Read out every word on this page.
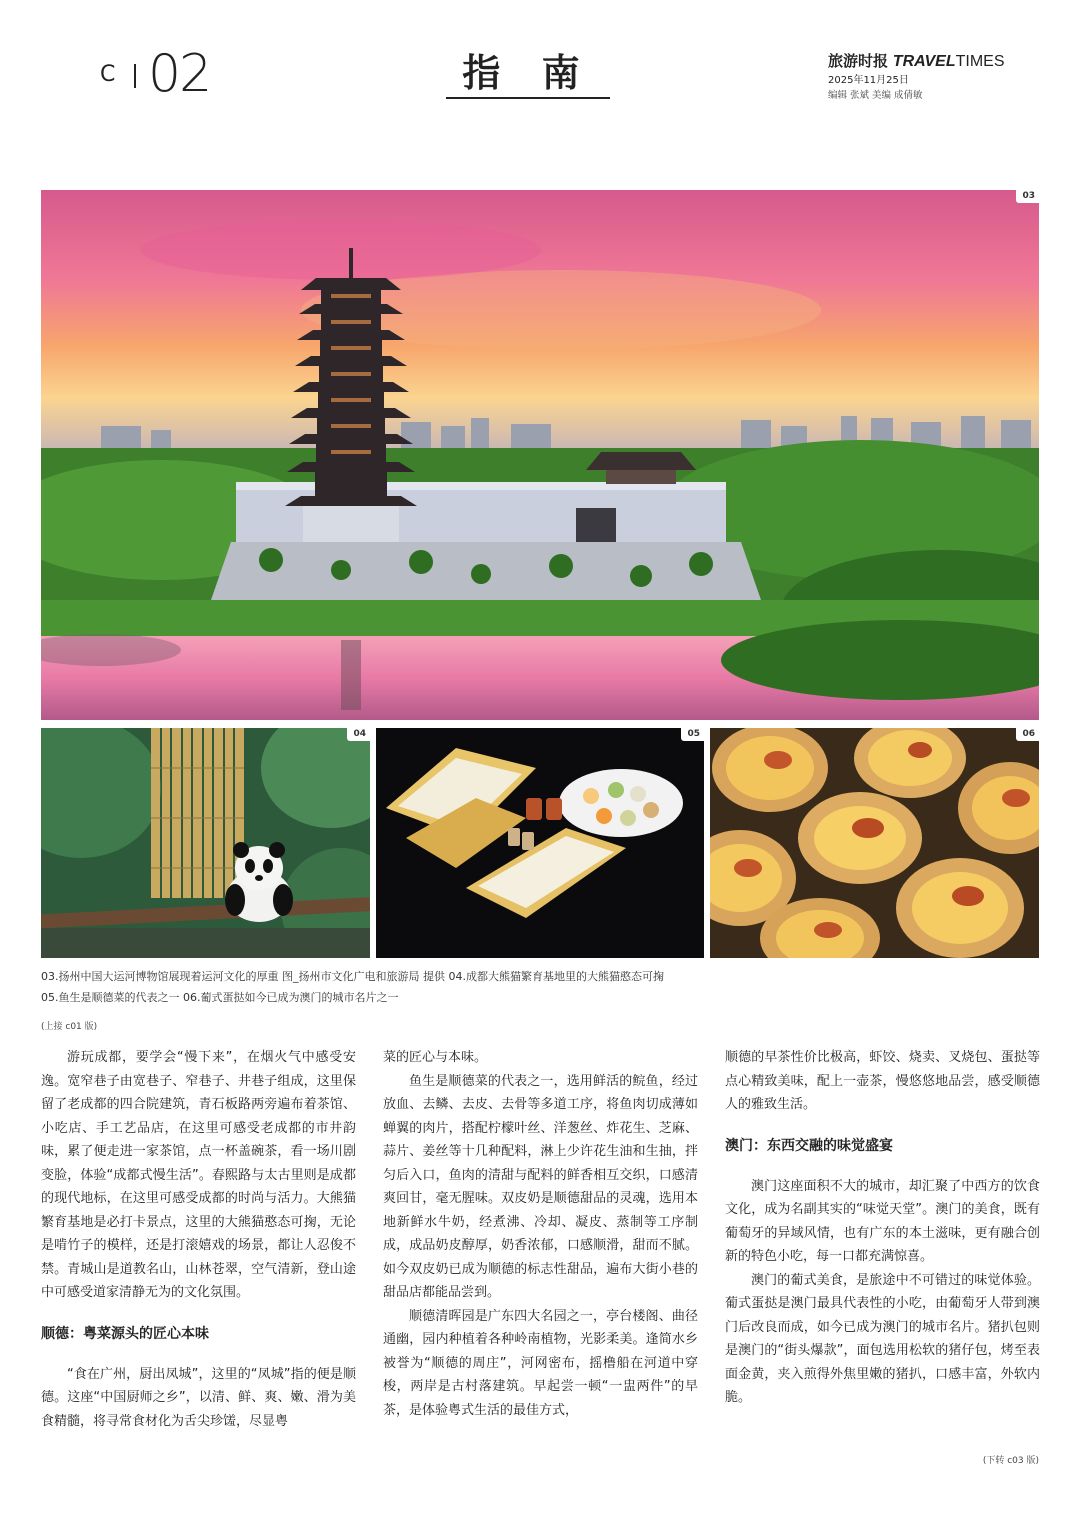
C 02	指 南	旅游时报 TRAVELTIMES
2025年11月25日
编辑 张斌 美编 成倩敏
03
04	05	06
03.扬州中国大运河博物馆展现着运河文化的厚重 图_扬州市文化广电和旅游局 提供 04.成都大熊猫繁育基地里的大熊猫憨态可掬
05.鱼生是顺德菜的代表之一 06.葡式蛋挞如今已成为澳门的城市名片之一
(上接 c01 版)

游玩成都，要学会“慢下来”，在烟火气中感受安逸。宽窄巷子由宽巷子、窄巷子、井巷子组成，这里保留了老成都的四合院建筑，青石板路两旁遍布着茶馆、小吃店、手工艺品店，在这里可感受老成都的市井韵味，累了便走进一家茶馆，点一杯盖碗茶，看一场川剧变脸，体验“成都式慢生活”。春熙路与太古里则是成都的现代地标，在这里可感受成都的时尚与活力。大熊猫繁育基地是必打卡景点，这里的大熊猫憨态可掬，无论是啃竹子的模样，还是打滚嬉戏的场景，都让人忍俊不禁。青城山是道教名山，山林苍翠，空气清新，登山途中可感受道家清静无为的文化氛围。

顺德：粤菜源头的匠心本味

“食在广州，厨出凤城”，这里的“凤城”指的便是顺德。这座“中国厨师之乡”，以清、鲜、爽、嫩、滑为美食精髓，将寻常食材化为舌尖珍馐，尽显粤

菜的匠心与本味。

鱼生是顺德菜的代表之一，选用鲜活的鲩鱼，经过放血、去鳞、去皮、去骨等多道工序，将鱼肉切成薄如蝉翼的肉片，搭配柠檬叶丝、洋葱丝、炸花生、芝麻、蒜片、姜丝等十几种配料，淋上少许花生油和生抽，拌匀后入口，鱼肉的清甜与配料的鲜香相互交织，口感清爽回甘，毫无腥味。双皮奶是顺德甜品的灵魂，选用本地新鲜水牛奶，经煮沸、冷却、凝皮、蒸制等工序制成，成品奶皮醇厚，奶香浓郁，口感顺滑，甜而不腻。如今双皮奶已成为顺德的标志性甜品，遍布大街小巷的甜品店都能品尝到。

顺德清晖园是广东四大名园之一，亭台楼阁、曲径通幽，园内种植着各种岭南植物，光影柔美。逢简水乡被誉为“顺德的周庄”，河网密布，摇橹船在河道中穿梭，两岸是古村落建筑。早起尝一顿“一盅两件”的早茶，是体验粤式生活的最佳方式，

顺德的早茶性价比极高，虾饺、烧卖、叉烧包、蛋挞等点心精致美味，配上一壶茶，慢悠悠地品尝，感受顺德人的雅致生活。

澳门：东西交融的味觉盛宴

澳门这座面积不大的城市，却汇聚了中西方的饮食文化，成为名副其实的“味觉天堂”。澳门的美食，既有葡萄牙的异域风情，也有广东的本土滋味，更有融合创新的特色小吃，每一口都充满惊喜。

澳门的葡式美食，是旅途中不可错过的味觉体验。葡式蛋挞是澳门最具代表性的小吃，由葡萄牙人带到澳门后改良而成，如今已成为澳门的城市名片。猪扒包则是澳门的“街头爆款”，面包选用松软的猪仔包，烤至表面金黄，夹入煎得外焦里嫩的猪扒，口感丰富，外软内脆。

(下转 c03 版)
